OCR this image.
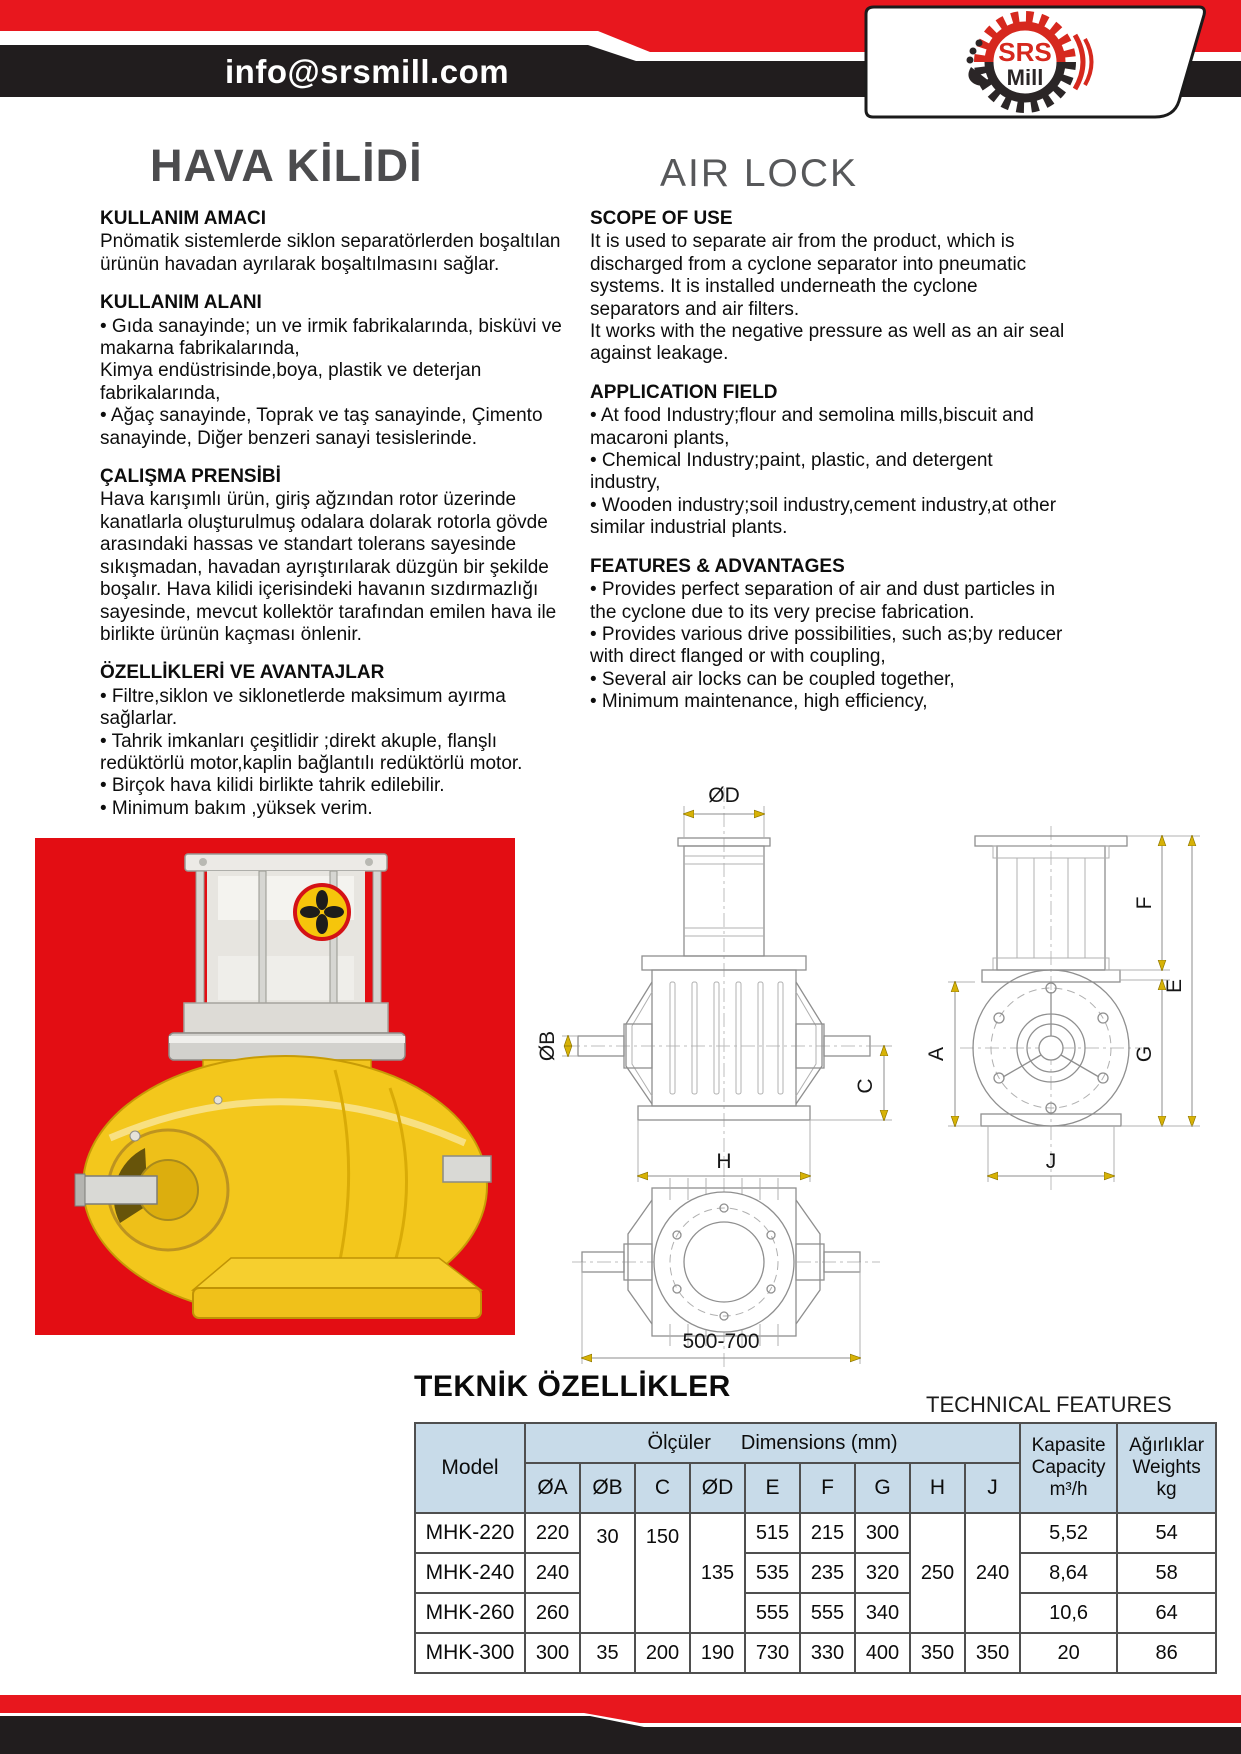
info@srsmill.com
SRS
Mill
HAVA KİLİDİ	AIR LOCK
KULLANIM AMACI

Pnömatik sistemlerde siklon separatörlerden boşaltılan ürünün havadan ayrılarak boşaltılmasını sağlar.

KULLANIM ALANI

• Gıda sanayinde; un ve irmik fabrikalarında, bisküvi ve makarna fabrikalarında,

Kimya endüstrisinde,boya, plastik ve deterjan fabrikalarında,

• Ağaç sanayinde, Toprak ve taş sanayinde, Çimento sanayinde, Diğer benzeri sanayi tesislerinde.

ÇALIŞMA PRENSİBİ

Hava karışımlı ürün, giriş ağzından rotor üzerinde kanatlarla oluşturulmuş odalara dolarak rotorla gövde arasındaki hassas ve standart tolerans sayesinde sıkışmadan, havadan ayrıştırılarak düzgün bir şekilde boşalır. Hava kilidi içerisindeki havanın sızdırmazlığı sayesinde, mevcut kollektör tarafından emilen hava ile birlikte ürünün kaçması önlenir.

ÖZELLİKLERİ VE AVANTAJLAR

• Filtre,siklon ve siklonetlerde maksimum ayırma sağlarlar.

• Tahrik imkanları çeşitlidir ;direkt akuple, flanşlı redüktörlü motor,kaplin bağlantılı redüktörlü motor.

• Birçok hava kilidi birlikte tahrik edilebilir.

• Minimum bakım ,yüksek verim.

SCOPE OF USE

It is used to separate air from the product, which is discharged from a cyclone separator into pneumatic systems. It is installed underneath the cyclone separators and air filters.

It works with the negative pressure as well as an air seal against leakage.

APPLICATION FIELD

• At food Industry;flour and semolina mills,biscuit and macaroni plants,

• Chemical Industry;paint, plastic, and detergent industry,

• Wooden industry;soil industry,cement industry,at other similar industrial plants.

FEATURES & ADVANTAGES

• Provides perfect separation of air and dust particles in the cyclone due to its very precise fabrication.

• Provides various drive possibilities, such as;by reducer with direct flanged or with coupling,

• Several air locks can be coupled together,

• Minimum maintenance, high efficiency,

ØD
ØB
C
H
A
F
G
E
J
500-700
TEKNİK ÖZELLİKLER
TECHNICAL FEATURES
Model	Ölçüler Dimensions (mm)	Kapasite
Capacity
m³/h

Ağırlıklar
Weights
kg

	ØA	ØB	C	ØD	E	F	G	H	J		
MHK-220	220	30	150	135	515	215	300	250	240	5,52	54
MHK-240	240				535	235	320			8,64	58
MHK-260	260				555	555	340			10,6	64
MHK-300	300	35	200	190	730	330	400	350	350	20	86
